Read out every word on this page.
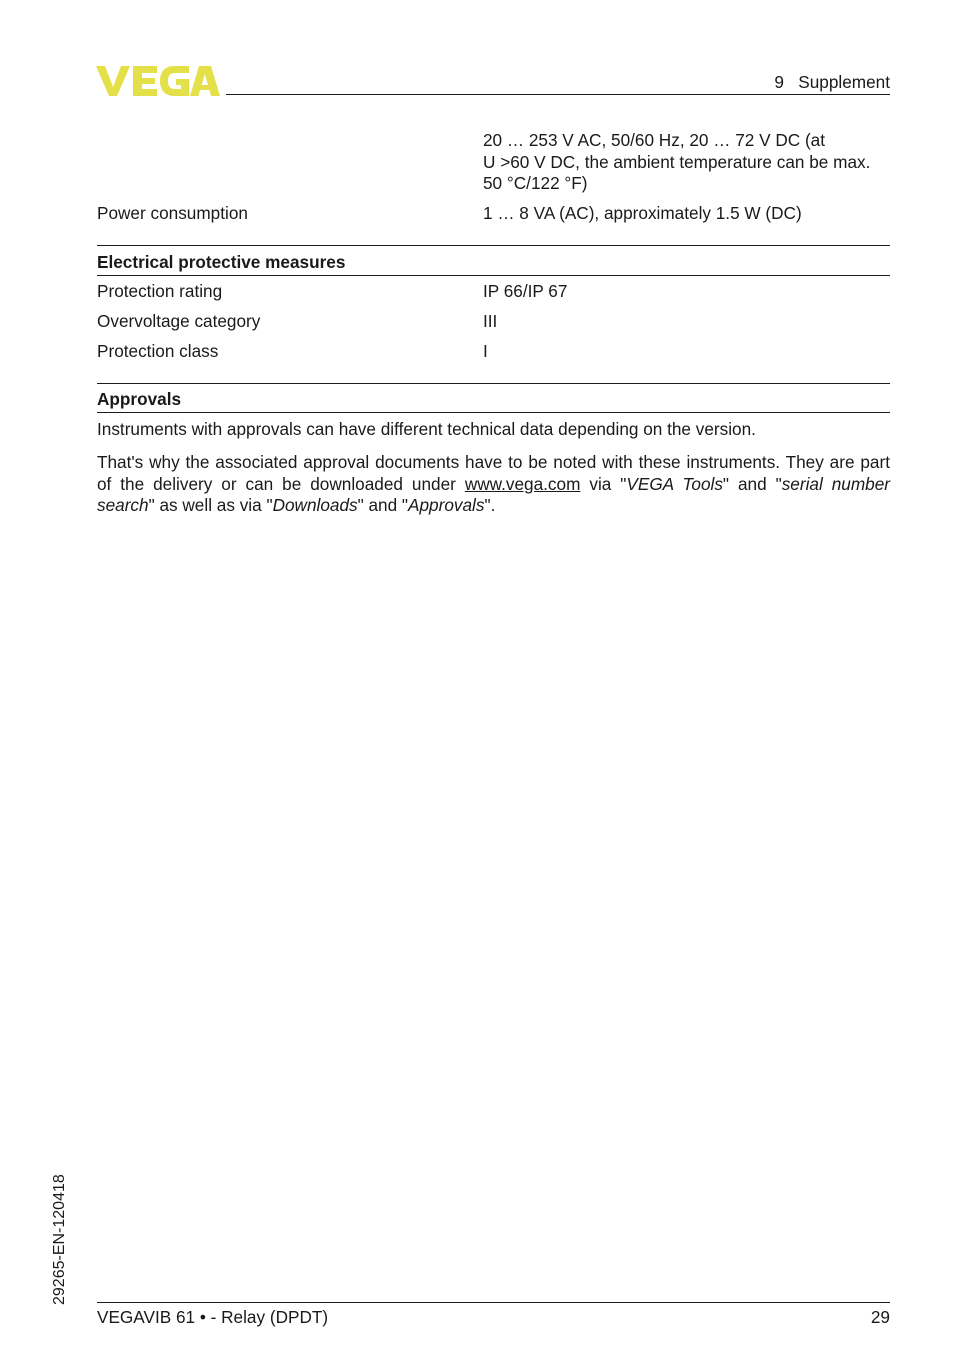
9   Supplement
20 … 253 V AC, 50/60 Hz, 20 … 72 V DC (at
U >60 V DC, the ambient temperature can be max.
50 °C/122 °F)
Power consumption	1 … 8 VA (AC), approximately 1.5 W (DC)
Electrical protective measures
Protection rating	IP 66/IP 67
Overvoltage category	III
Protection class	I
Approvals
Instruments with approvals can have different technical data depending on the version.
That's why the associated approval documents have to be noted with these instruments. They are part of the delivery or can be downloaded under www.vega.com via "VEGA Tools" and "serial number search" as well as via "Downloads" and "Approvals".
29265-EN-120418
VEGAVIB 61 • - Relay (DPDT)	29
